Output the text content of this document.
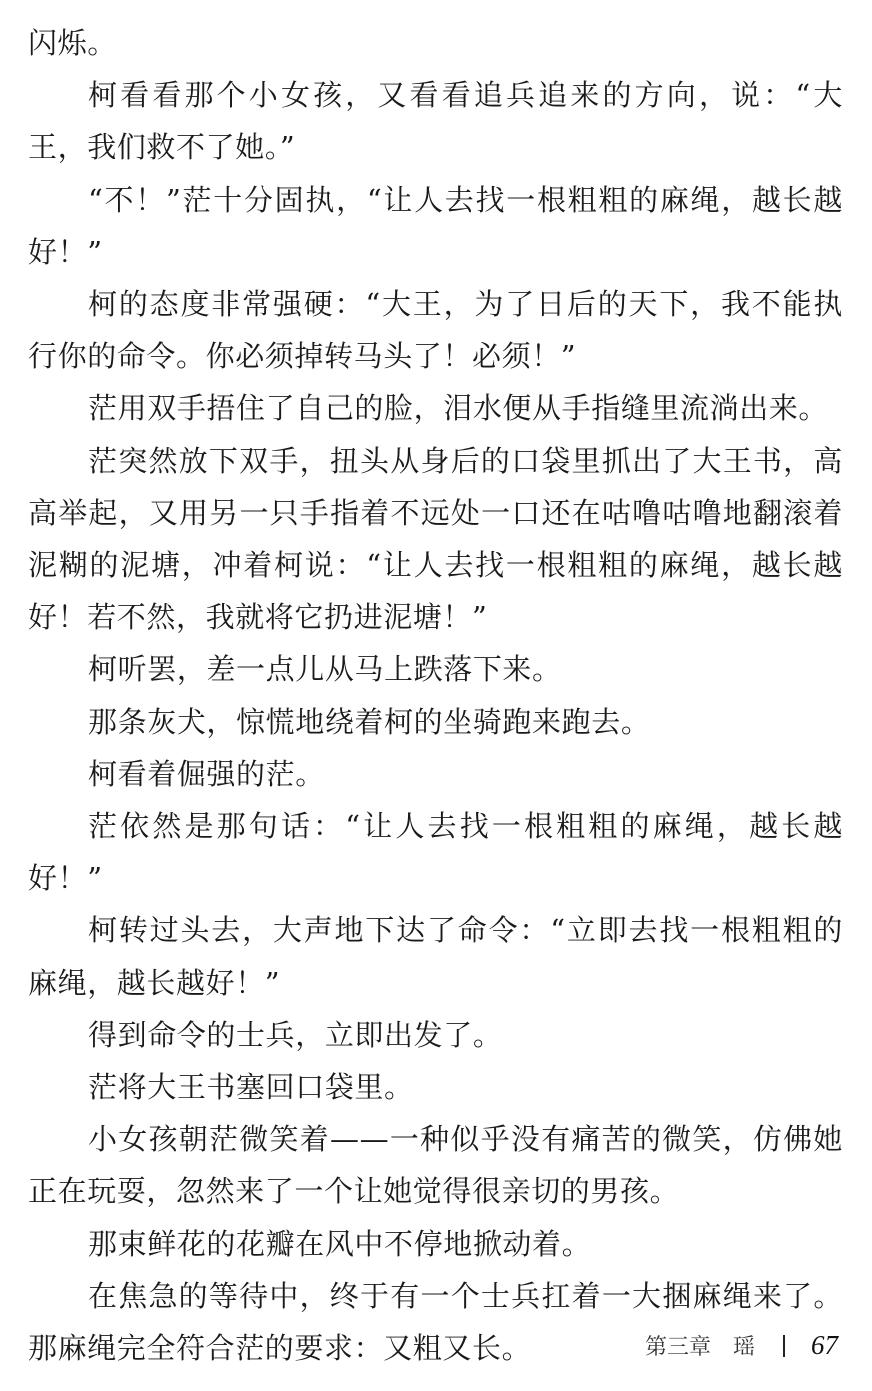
闪烁。

柯看看那个小女孩，又看看追兵追来的方向，说：“大王，我们救不了她。”

“不！”茫十分固执，“让人去找一根粗粗的麻绳，越长越好！”

柯的态度非常强硬：“大王，为了日后的天下，我不能执行你的命令。你必须掉转马头了！必须！”

茫用双手捂住了自己的脸，泪水便从手指缝里流淌出来。

茫突然放下双手，扭头从身后的口袋里抓出了大王书，高高举起，又用另一只手指着不远处一口还在咕噜咕噜地翻滚着泥糊的泥塘，冲着柯说：“让人去找一根粗粗的麻绳，越长越好！若不然，我就将它扔进泥塘！”

柯听罢，差一点儿从马上跌落下来。

那条灰犬，惊慌地绕着柯的坐骑跑来跑去。

柯看着倔强的茫。

茫依然是那句话：“让人去找一根粗粗的麻绳，越长越好！”

柯转过头去，大声地下达了命令：“立即去找一根粗粗的麻绳，越长越好！”

得到命令的士兵，立即出发了。

茫将大王书塞回口袋里。

小女孩朝茫微笑着——一种似乎没有痛苦的微笑，仿佛她正在玩耍，忽然来了一个让她觉得很亲切的男孩。

那束鲜花的花瓣在风中不停地掀动着。

在焦急的等待中，终于有一个士兵扛着一大捆麻绳来了。那麻绳完全符合茫的要求：又粗又长。	第三章 瑶 67
